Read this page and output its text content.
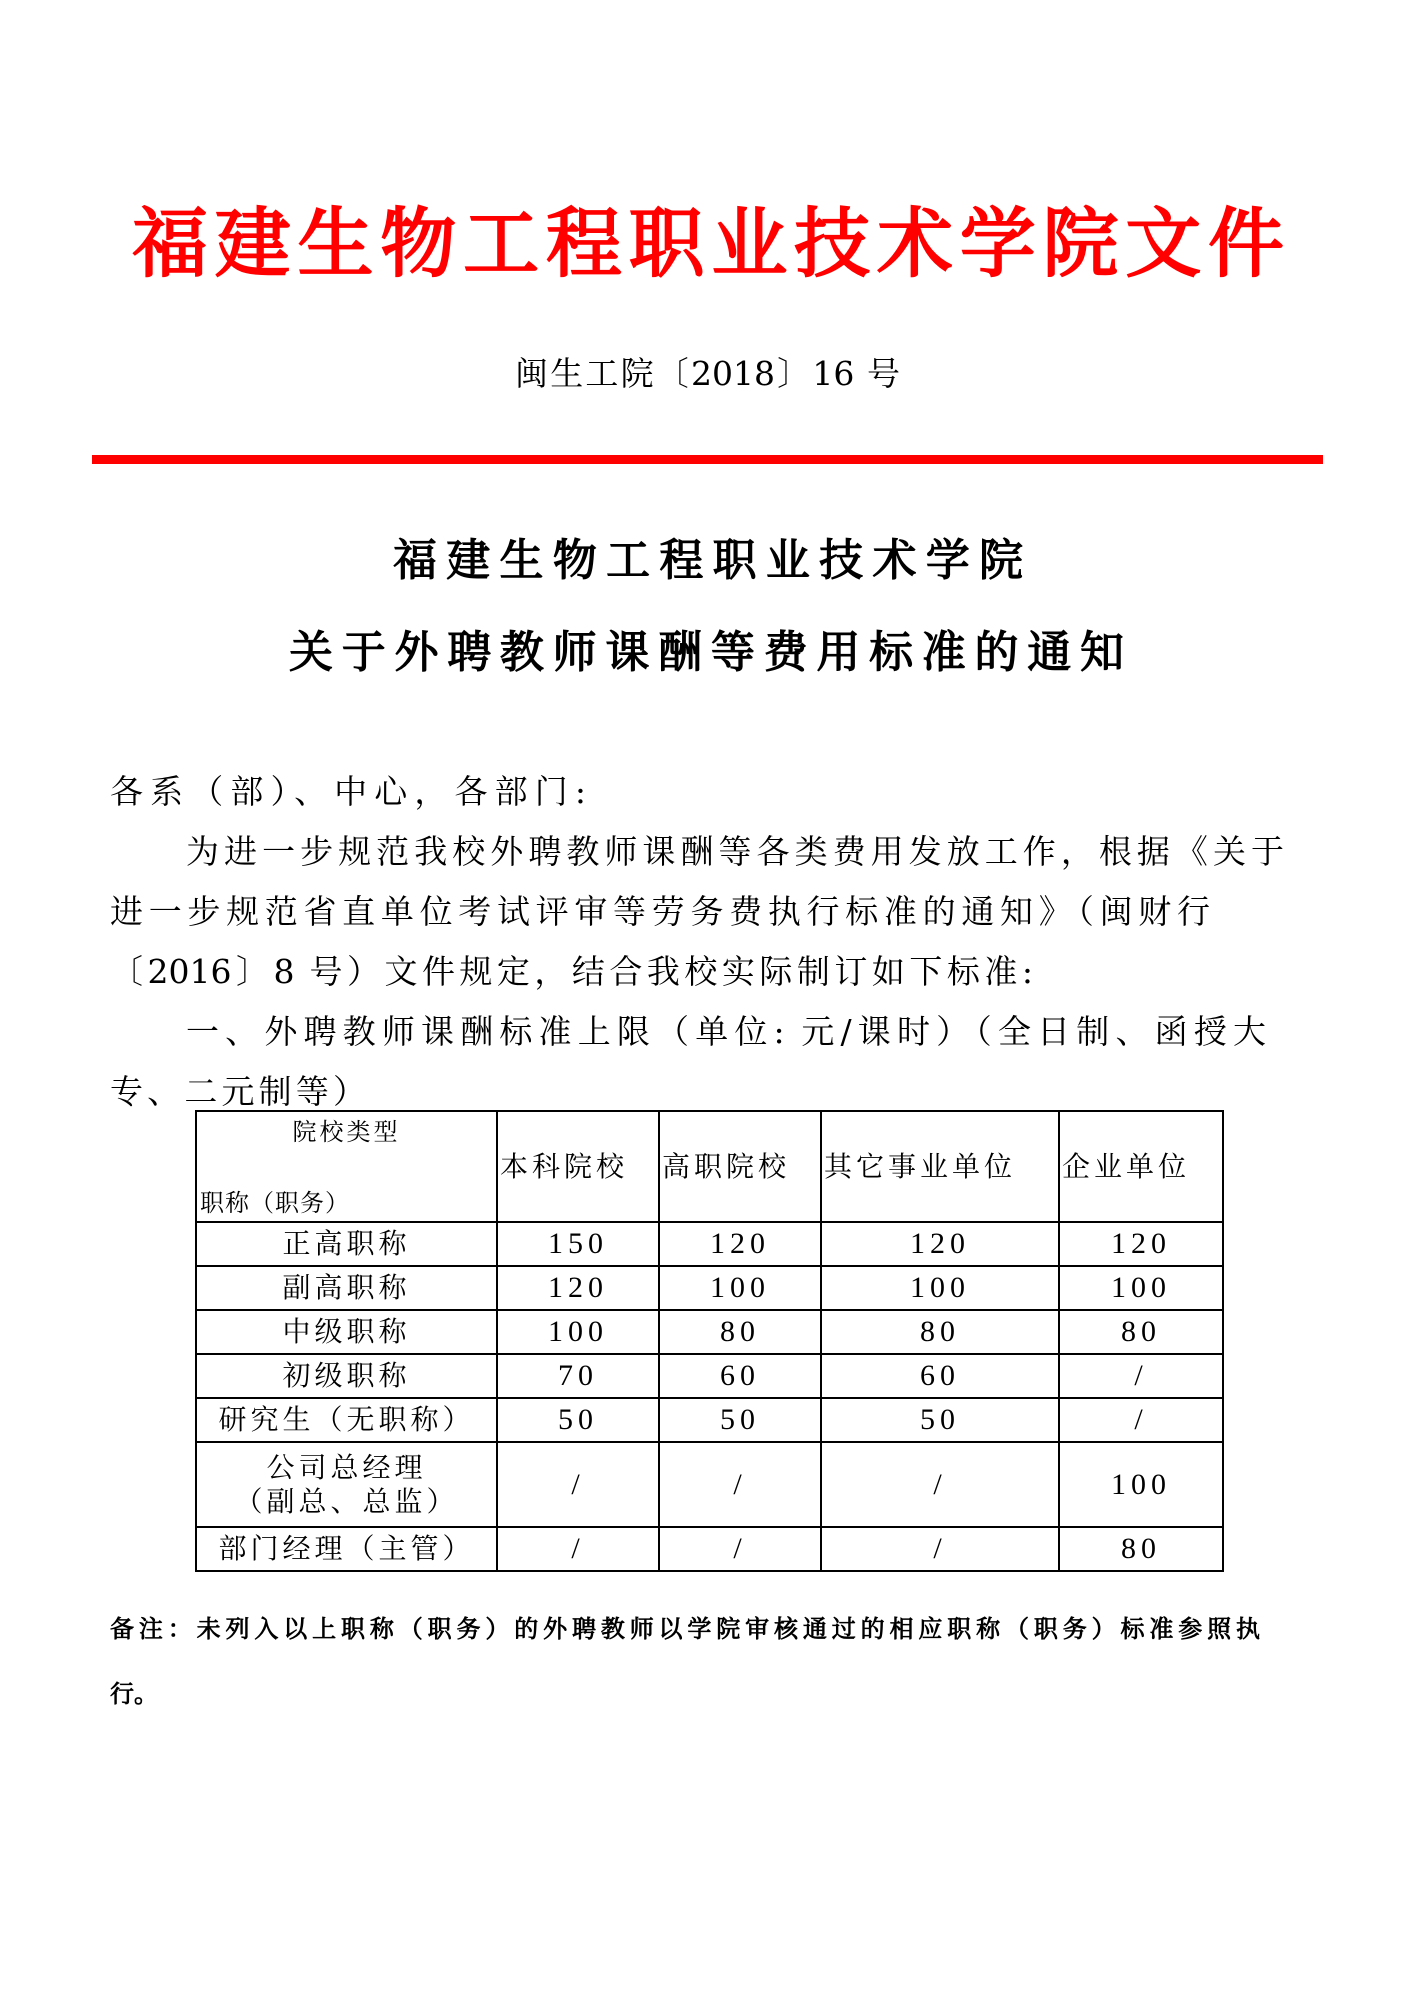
福建生物工程职业技术学院文件
闽生工院〔2018〕16 号
福建生物工程职业技术学院
关于外聘教师课酬等费用标准的通知
各系（部）、中心，各部门:
为进一步规范我校外聘教师课酬等各类费用发放工作，根据《关于
进一步规范省直单位考试评审等劳务费执行标准的通知》（闽财行
〔2016〕8 号）文件规定，结合我校实际制订如下标准:
一、外聘教师课酬标准上限（单位: 元/课时）（全日制、函授大
专、二元制等）
院校类型
职称（职务）	本科院校	高职院校	其它事业单位	企业单位
正高职称	150	120	120	120
副高职称	120	100	100	100
中级职称	100	80	80	80
初级职称	70	60	60	/
研究生（无职称）	50	50	50	/

公司总经理
（副总、总监）	/	/	/	100
部门经理（主管）	/	/	/	80
备注：未列入以上职称（职务）的外聘教师以学院审核通过的相应职称（职务）标准参照执
行。
